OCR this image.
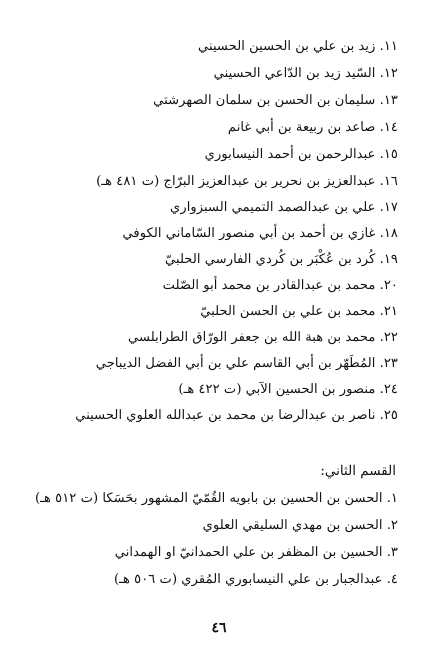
١١. زيد بن علي بن الحسين الحسيني
١٢. السّيد زيد بن الدّاعي الحسيني
١٣. سليمان بن الحسن بن سلمان الصهرشتي
١٤. صاعد بن ربيعة بن أبي غانم
١٥. عبدالرحمن بن أحمد النيسابوري
١٦. عبدالعزيز بن نحرير بن عبدالعزيز البرّاج (ت ٤٨١ هـ)
١٧. علي بن عبدالصمد التميمي السبزواري
١٨. غازي بن أحمد بن أبي منصور السّاماني الكوفي
١٩. كُرد بن عُكْبَر بن كُردي الفارسي الحلبيّ
٢٠. محمد بن عبدالقادر بن محمد أبو الصّلت
٢١. محمد بن علي بن الحسن الحلبيّ
٢٢. محمد بن هبة الله بن جعفر الورّاق الطرابلسي
٢٣. المُطَهّر بن أبي القاسم علي بن أبي الفضل الديباجي
٢٤. منصور بن الحسين الآبي (ت ٤٢٢ هـ)
٢٥. ناصر بن عبدالرضا بن محمد بن عبدالله العلوي الحسيني
القسم الثاني:
١. الحسن بن الحسين بن بابويه القُمّيّ المشهور بحَسَكا (ت ٥١٢ هـ)
٢. الحسن بن مهدي السليقي العلوي
٣. الحسين بن المظفر بن علي الحمدانيّ او الهمداني
٤. عبدالجبار بن علي النيسابوري المُقري (ت ٥٠٦ هـ)
٤٦
